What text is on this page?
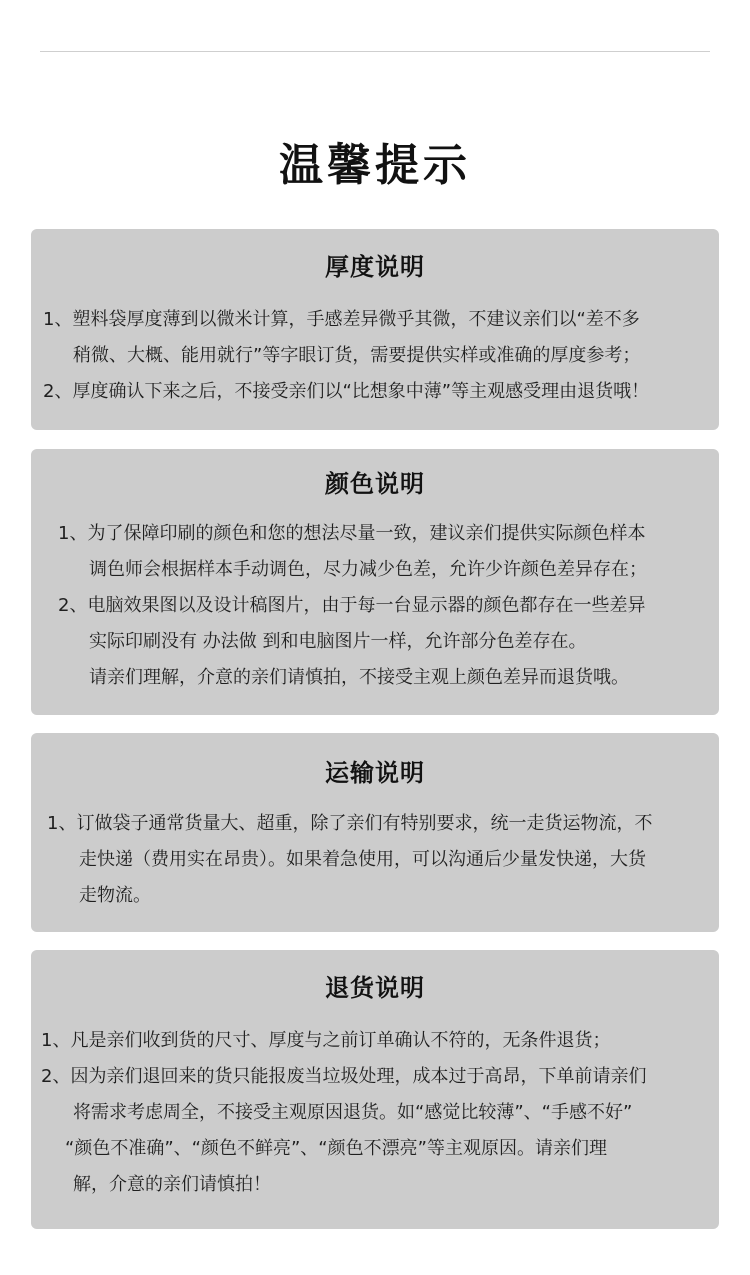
温馨提示
厚度说明
1、塑料袋厚度薄到以微米计算，手感差异微乎其微，不建议亲们以“差不多
稍微、大概、能用就行”等字眼订货，需要提供实样或准确的厚度参考；
2、厚度确认下来之后，不接受亲们以“比想象中薄”等主观感受理由退货哦！
颜色说明
1、为了保障印刷的颜色和您的想法尽量一致，建议亲们提供实际颜色样本
调色师会根据样本手动调色，尽力减少色差，允许少许颜色差异存在；
2、电脑效果图以及设计稿图片，由于每一台显示器的颜色都存在一些差异
实际印刷没有 办法做 到和电脑图片一样，允许部分色差存在。
请亲们理解，介意的亲们请慎拍，不接受主观上颜色差异而退货哦。
运输说明
1、订做袋子通常货量大、超重，除了亲们有特别要求，统一走货运物流，不
走快递（费用实在昂贵）。如果着急使用，可以沟通后少量发快递，大货
走物流。
退货说明
1、凡是亲们收到货的尺寸、厚度与之前订单确认不符的，无条件退货；
2、因为亲们退回来的货只能报废当垃圾处理，成本过于高昂，下单前请亲们
将需求考虑周全，不接受主观原因退货。如“感觉比较薄”、“手感不好”
“颜色不准确”、“颜色不鲜亮”、“颜色不漂亮”等主观原因。请亲们理
解，介意的亲们请慎拍！
